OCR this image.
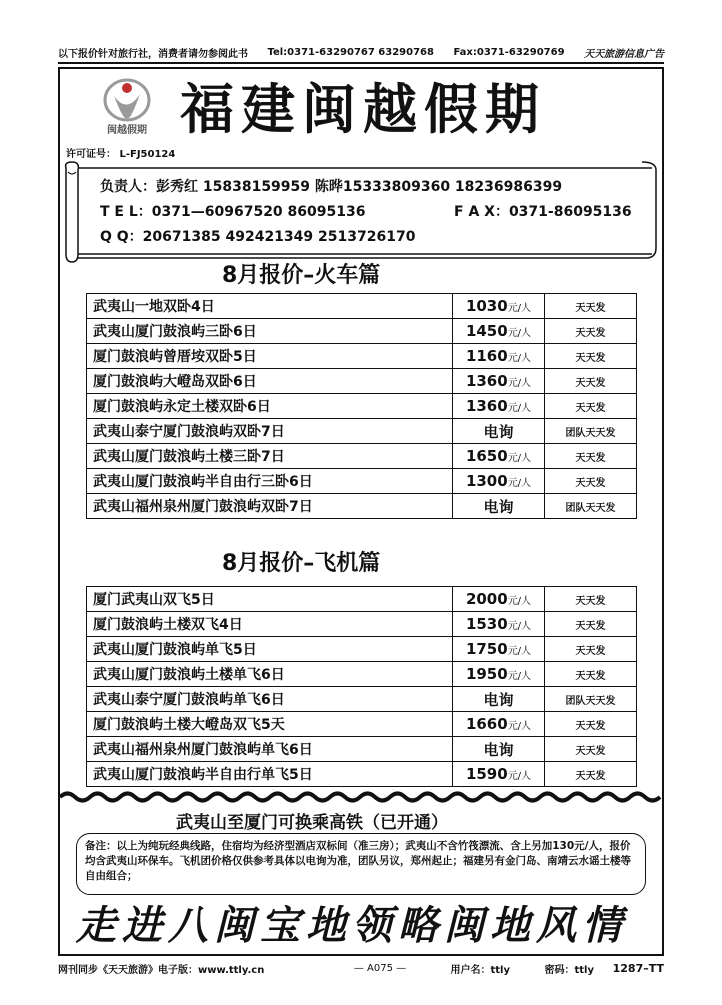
以下报价针对旅行社，消费者请勿参阅此书 Tel:0371-63290767 63290768 Fax:0371-63290769 天天旅游信息广告
闽越假期 福建闽越假期
许可证号： L-FJ50124
负责人：彭秀红 15838159959 陈晔15333809360 18236986399
T E L：0371—60967520 86095136	F A X：0371-86095136
Q Q：20671385 492421349 2513726170
8月报价–火车篇
武夷山一地双卧4日	1030元/人	天天发
武夷山厦门鼓浪屿三卧6日	1450元/人	天天发
厦门鼓浪屿曾厝垵双卧5日	1160元/人	天天发
厦门鼓浪屿大嶝岛双卧6日	1360元/人	天天发
厦门鼓浪屿永定土楼双卧6日	1360元/人	天天发
武夷山泰宁厦门鼓浪屿双卧7日	电询	团队天天发
武夷山厦门鼓浪屿土楼三卧7日	1650元/人	天天发
武夷山厦门鼓浪屿半自由行三卧6日	1300元/人	天天发
武夷山福州泉州厦门鼓浪屿双卧7日	电询	团队天天发
8月报价–飞机篇
厦门武夷山双飞5日	2000元/人	天天发
厦门鼓浪屿土楼双飞4日	1530元/人	天天发
武夷山厦门鼓浪屿单飞5日	1750元/人	天天发
武夷山厦门鼓浪屿土楼单飞6日	1950元/人	天天发
武夷山泰宁厦门鼓浪屿单飞6日	电询	团队天天发
厦门鼓浪屿土楼大嶝岛双飞5天	1660元/人	天天发
武夷山福州泉州厦门鼓浪屿单飞6日	电询	天天发
武夷山厦门鼓浪屿半自由行单飞5日	1590元/人	天天发
武夷山至厦门可换乘高铁（已开通）
备注：以上为纯玩经典线路，住宿均为经济型酒店双标间（准三房）；武夷山不含竹筏漂流、含上另加130元/人，报价均含武夷山环保车。飞机团价格仅供参考具体以电询为准，团队另议，郑州起止；福建另有金门岛、南靖云水谣土楼等自由组合；
走进八闽宝地领略闽地风情
网刊同步《天天旅游》电子版：www.ttly.cn	— A075 —	用户名：ttly	密码：ttly	1287–TT
